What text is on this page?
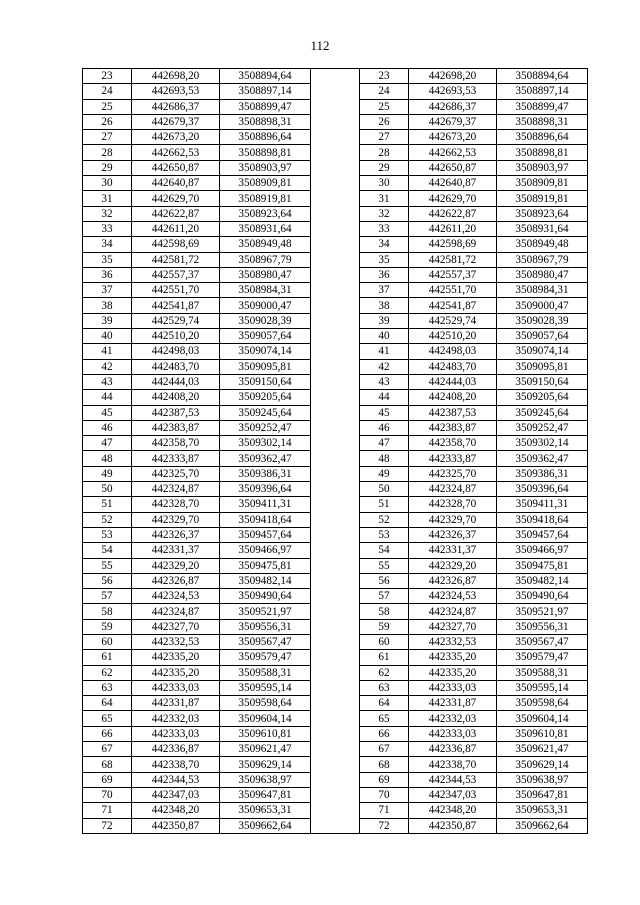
112
23	442698,20	3508894,64		23	442698,20	3508894,64
24	442693,53	3508897,14		24	442693,53	3508897,14
25	442686,37	3508899,47		25	442686,37	3508899,47
26	442679,37	3508898,31		26	442679,37	3508898,31
27	442673,20	3508896,64		27	442673,20	3508896,64
28	442662,53	3508898,81		28	442662,53	3508898,81
29	442650,87	3508903,97		29	442650,87	3508903,97
30	442640,87	3508909,81		30	442640,87	3508909,81
31	442629,70	3508919,81		31	442629,70	3508919,81
32	442622,87	3508923,64		32	442622,87	3508923,64
33	442611,20	3508931,64		33	442611,20	3508931,64
34	442598,69	3508949,48		34	442598,69	3508949,48
35	442581,72	3508967,79		35	442581,72	3508967,79
36	442557,37	3508980,47		36	442557,37	3508980,47
37	442551,70	3508984,31		37	442551,70	3508984,31
38	442541,87	3509000,47		38	442541,87	3509000,47
39	442529,74	3509028,39		39	442529,74	3509028,39
40	442510,20	3509057,64		40	442510,20	3509057,64
41	442498,03	3509074,14		41	442498,03	3509074,14
42	442483,70	3509095,81		42	442483,70	3509095,81
43	442444,03	3509150,64		43	442444,03	3509150,64
44	442408,20	3509205,64		44	442408,20	3509205,64
45	442387,53	3509245,64		45	442387,53	3509245,64
46	442383,87	3509252,47		46	442383,87	3509252,47
47	442358,70	3509302,14		47	442358,70	3509302,14
48	442333,87	3509362,47		48	442333,87	3509362,47
49	442325,70	3509386,31		49	442325,70	3509386,31
50	442324,87	3509396,64		50	442324,87	3509396,64
51	442328,70	3509411,31		51	442328,70	3509411,31
52	442329,70	3509418,64		52	442329,70	3509418,64
53	442326,37	3509457,64		53	442326,37	3509457,64
54	442331,37	3509466,97		54	442331,37	3509466,97
55	442329,20	3509475,81		55	442329,20	3509475,81
56	442326,87	3509482,14		56	442326,87	3509482,14
57	442324,53	3509490,64		57	442324,53	3509490,64
58	442324,87	3509521,97		58	442324,87	3509521,97
59	442327,70	3509556,31		59	442327,70	3509556,31
60	442332,53	3509567,47		60	442332,53	3509567,47
61	442335,20	3509579,47		61	442335,20	3509579,47
62	442335,20	3509588,31		62	442335,20	3509588,31
63	442333,03	3509595,14		63	442333,03	3509595,14
64	442331,87	3509598,64		64	442331,87	3509598,64
65	442332,03	3509604,14		65	442332,03	3509604,14
66	442333,03	3509610,81		66	442333,03	3509610,81
67	442336,87	3509621,47		67	442336,87	3509621,47
68	442338,70	3509629,14		68	442338,70	3509629,14
69	442344,53	3509638,97		69	442344,53	3509638,97
70	442347,03	3509647,81		70	442347,03	3509647,81
71	442348,20	3509653,31		71	442348,20	3509653,31
72	442350,87	3509662,64		72	442350,87	3509662,64
